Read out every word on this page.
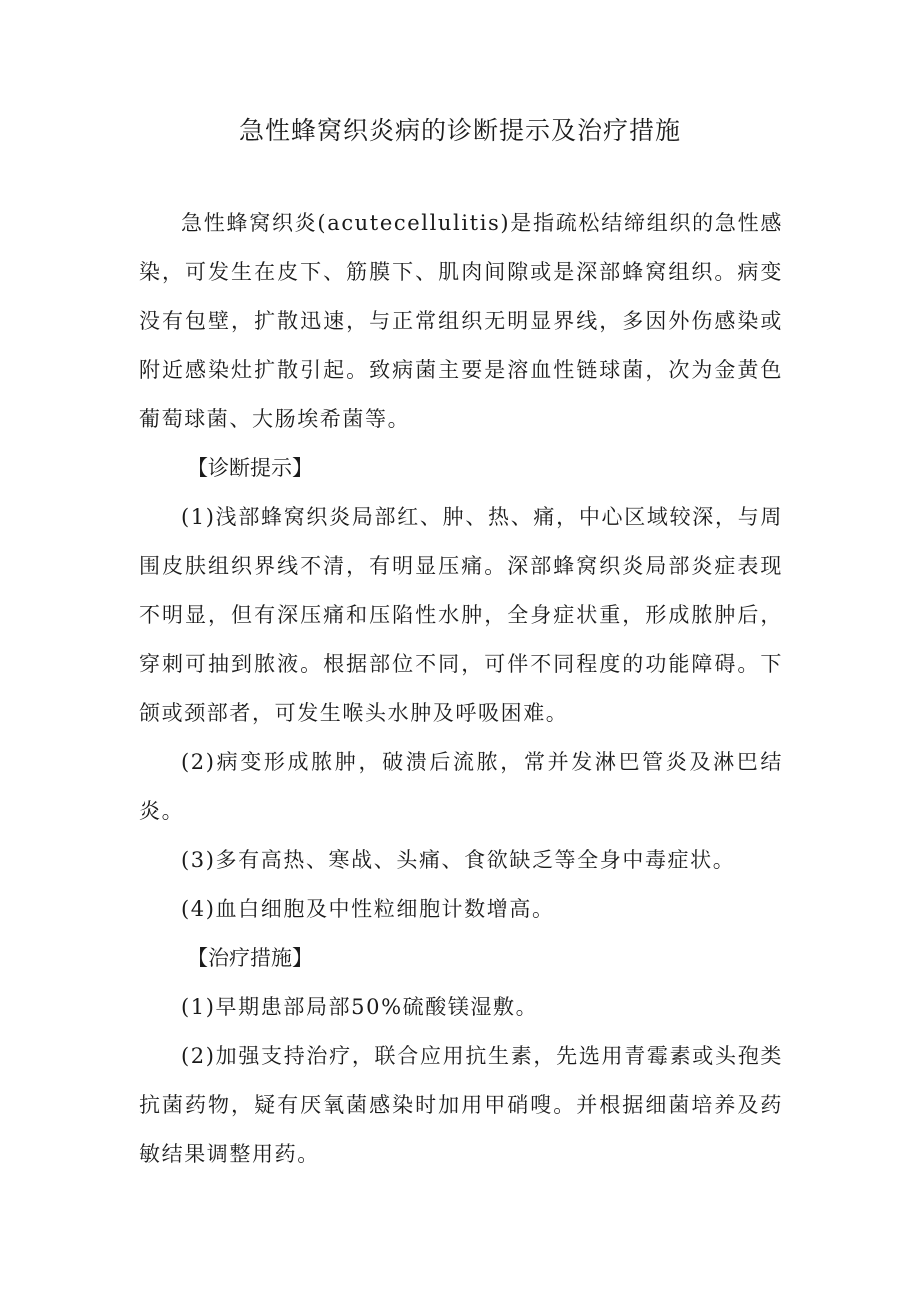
急性蜂窝织炎病的诊断提示及治疗措施

急性蜂窝织炎(acutecellulitis)是指疏松结缔组织的急性感染，可发生在皮下、筋膜下、肌肉间隙或是深部蜂窝组织。病变没有包壁，扩散迅速，与正常组织无明显界线，多因外伤感染或附近感染灶扩散引起。致病菌主要是溶血性链球菌，次为金黄色葡萄球菌、大肠埃希菌等。

【诊断提示】

(1)浅部蜂窝织炎局部红、肿、热、痛，中心区域较深，与周围皮肤组织界线不清，有明显压痛。深部蜂窝织炎局部炎症表现不明显，但有深压痛和压陷性水肿，全身症状重，形成脓肿后，穿刺可抽到脓液。根据部位不同，可伴不同程度的功能障碍。下颌或颈部者，可发生喉头水肿及呼吸困难。

(2)病变形成脓肿，破溃后流脓，常并发淋巴管炎及淋巴结炎。

(3)多有高热、寒战、头痛、食欲缺乏等全身中毒症状。

(4)血白细胞及中性粒细胞计数增高。

【治疗措施】

(1)早期患部局部50%硫酸镁湿敷。

(2)加强支持治疗，联合应用抗生素，先选用青霉素或头孢类抗菌药物，疑有厌氧菌感染时加用甲硝嗖。并根据细菌培养及药敏结果调整用药。
